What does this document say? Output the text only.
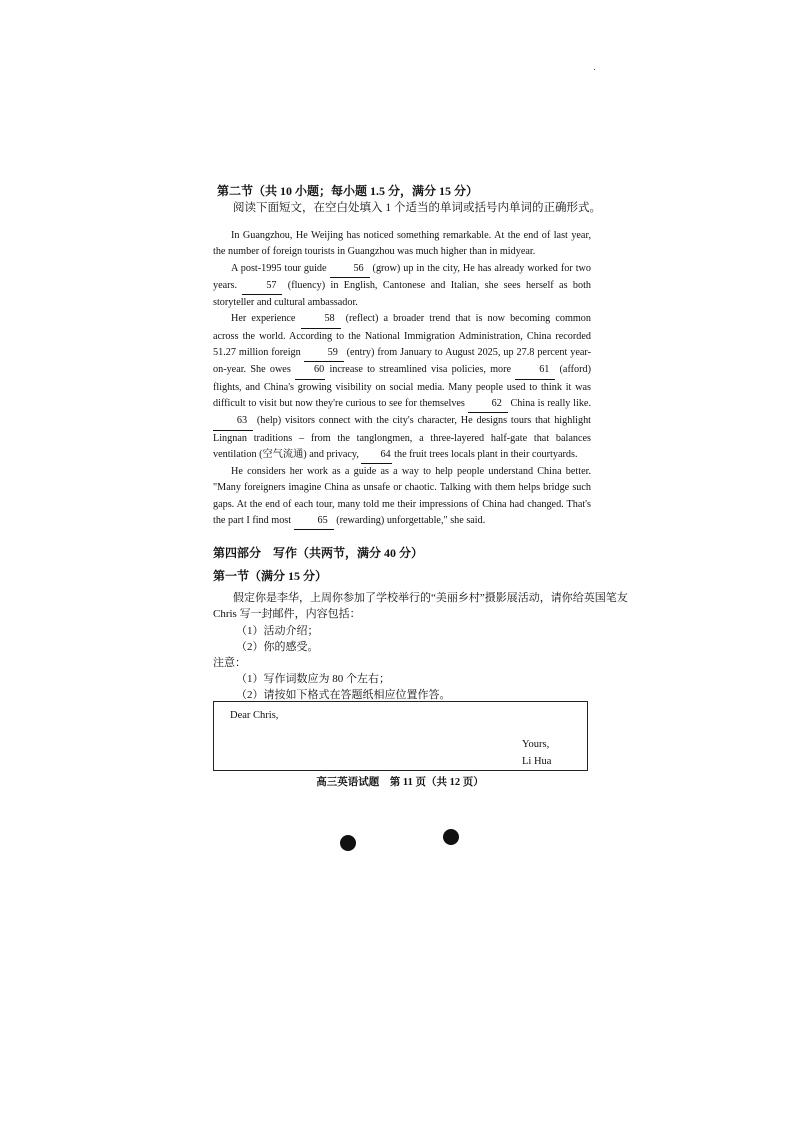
第二节（共 10 小题；每小题 1.5 分，满分 15 分）
阅读下面短文，在空白处填入 1 个适当的单词或括号内单词的正确形式。

In Guangzhou, He Weijing has noticed something remarkable. At the end of last year, the number of foreign tourists in Guangzhou was much higher than in midyear.

A post-1995 tour guide 56 (grow) up in the city, He has already worked for two years. 57 (fluency) in English, Cantonese and Italian, she sees herself as both storyteller and cultural ambassador.

Her experience 58 (reflect) a broader trend that is now becoming common across the world. According to the National Immigration Administration, China recorded 51.27 million foreign 59 (entry) from January to August 2025, up 27.8 percent year-on-year. She owes 60 increase to streamlined visa policies, more 61 (afford) flights, and China's growing visibility on social media. Many people used to think it was difficult to visit but now they're curious to see for themselves 62 China is really like. 63 (help) visitors connect with the city's character, He designs tours that highlight Lingnan traditions – from the tanglongmen, a three-layered half-gate that balances ventilation (空气流通) and privacy, 64 the fruit trees locals plant in their courtyards.

He considers her work as a guide as a way to help people understand China better. "Many foreigners imagine China as unsafe or chaotic. Talking with them helps bridge such gaps. At the end of each tour, many told me their impressions of China had changed. That's the part I find most 65 (rewarding) unforgettable," she said.

第四部分　写作（共两节，满分 40 分）
第一节（满分 15 分）
假定你是李华，上周你参加了学校举行的“美丽乡村”摄影展活动，请你给英国笔友
Chris 写一封邮件，内容包括：
（1）活动介绍；
（2）你的感受。
注意：
（1）写作词数应为 80 个左右；
（2）请按如下格式在答题纸相应位置作答。
Dear Chris,
Yours,
Li Hua
高三英语试题　第 11 页（共 12 页）
